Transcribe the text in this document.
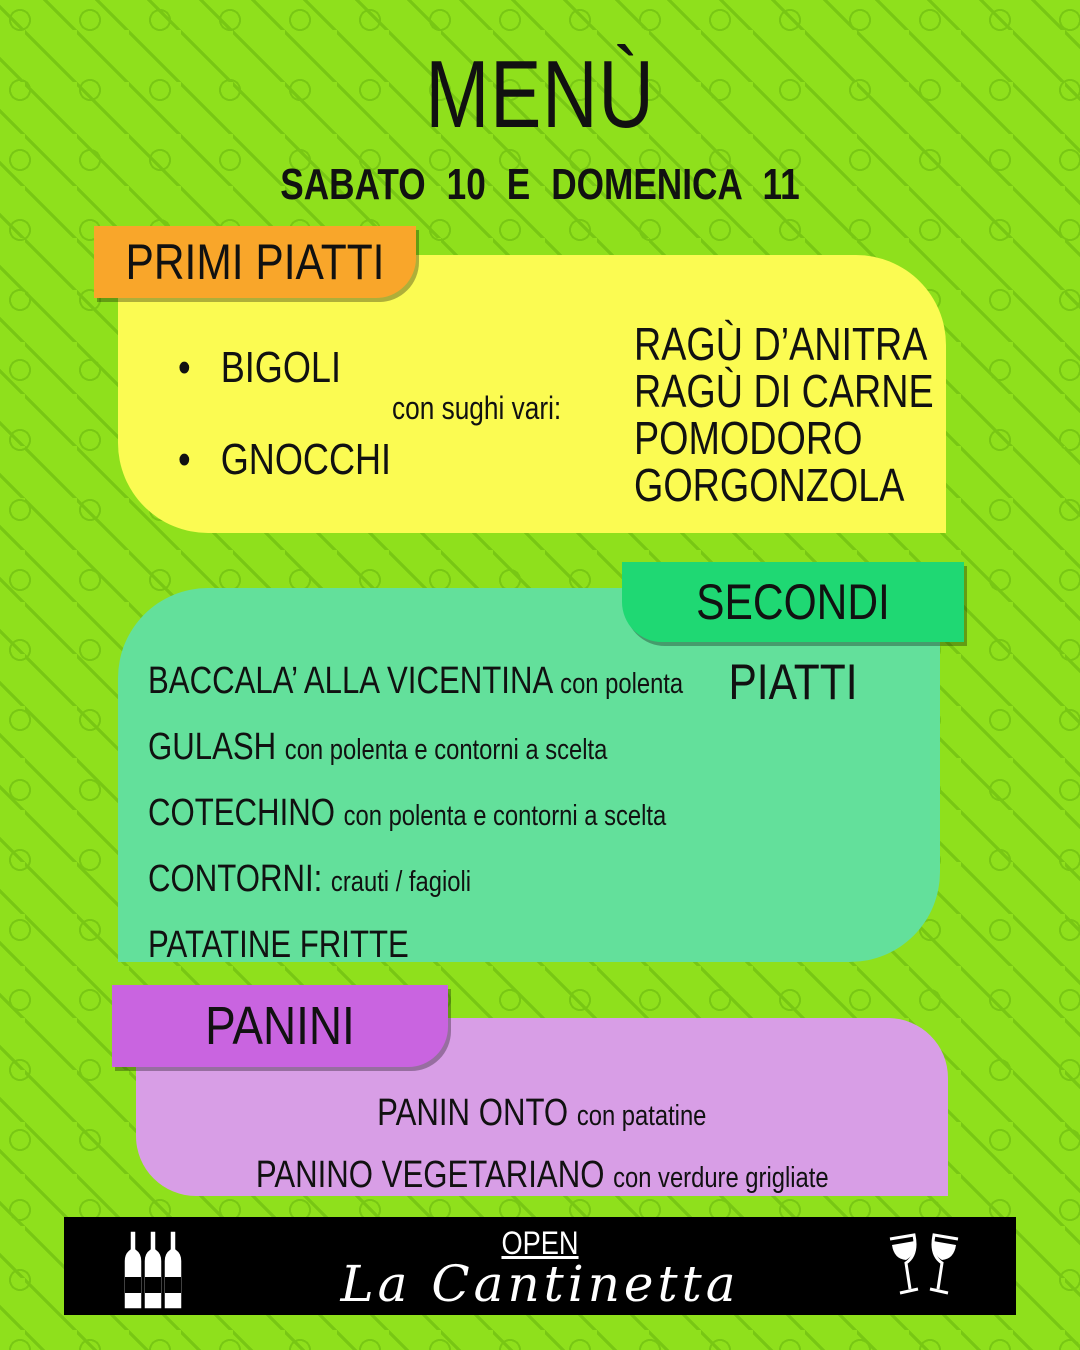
MENÙ
SABATO 10 E DOMENICA 11
•   BIGOLI
•   GNOCCHI
con sughi vari:
RAGÙ D’ANITRA
RAGÙ DI CARNE
POMODORO
GORGONZOLA
PRIMI PIATTI
BACCALA’ ALLA VICENTINA con polenta
GULASH con polenta e contorni a scelta
COTECHINO con polenta e contorni a scelta
CONTORNI: crauti / fagioli
PATATINE FRITTE
SECONDI PIATTI
PANIN ONTO con patatine
PANINO VEGETARIANO con verdure grigliate
PANINI
OPEN
La Cantinetta
